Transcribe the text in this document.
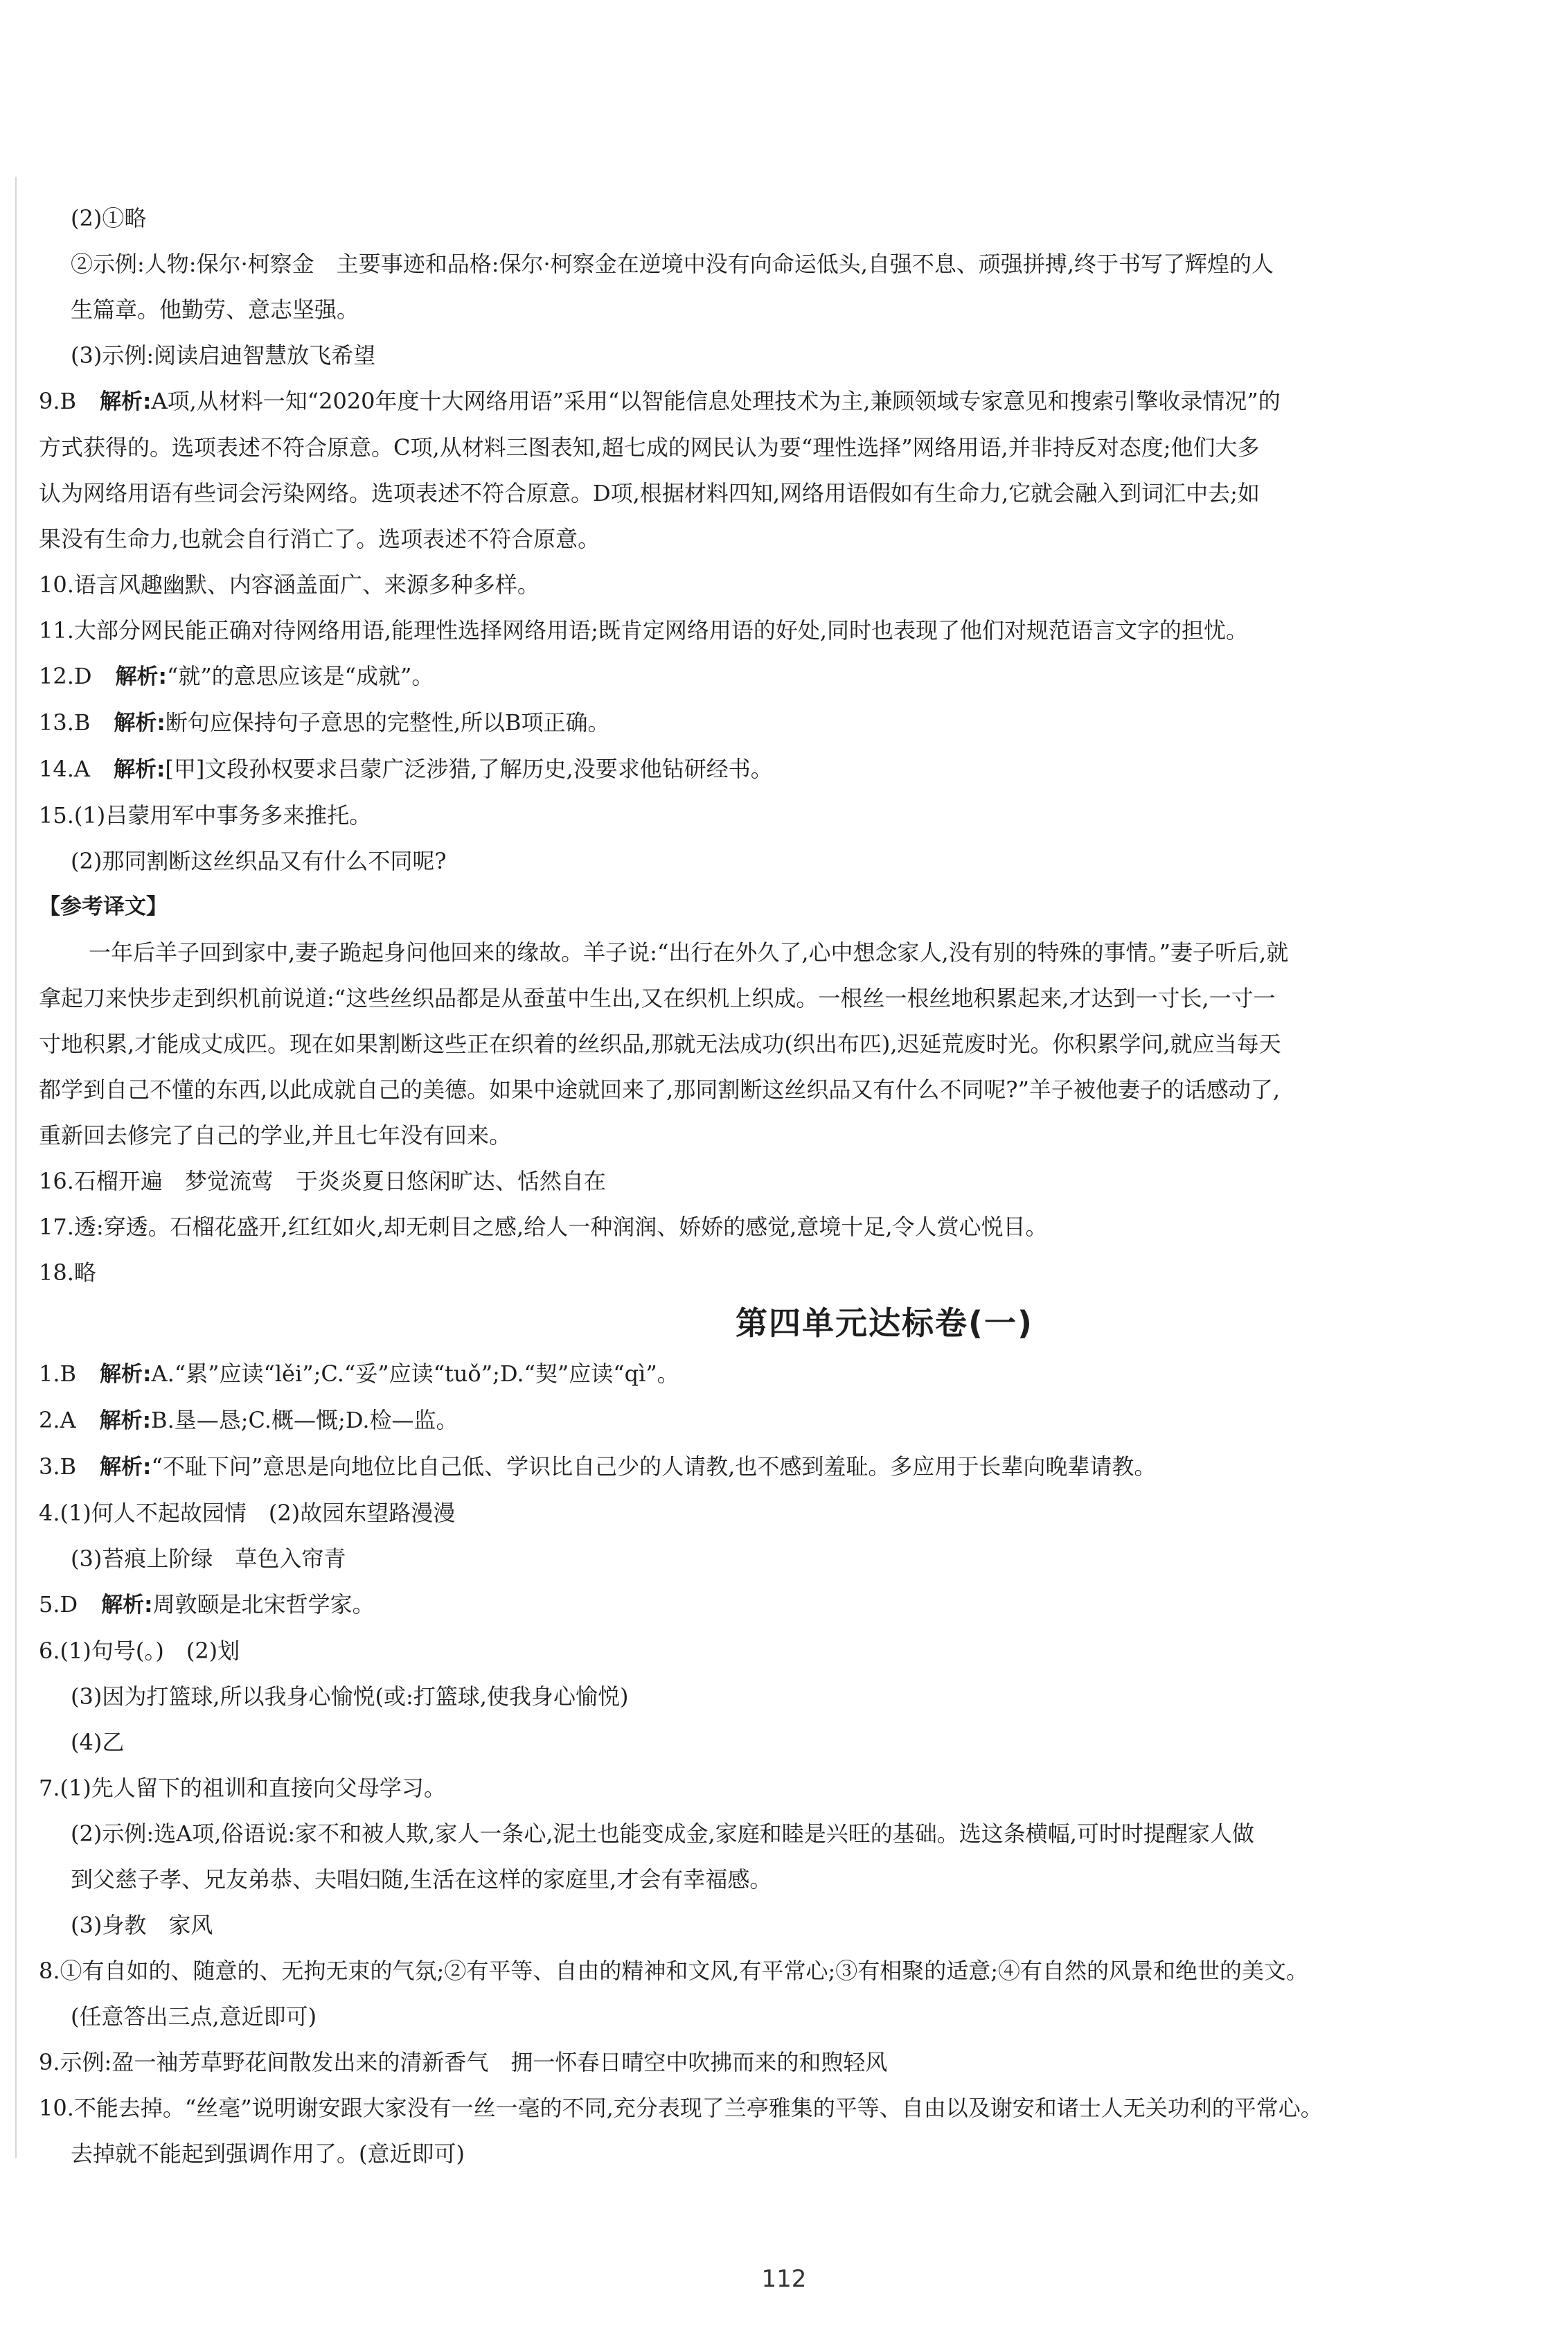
(2)①略
②示例:人物:保尔·柯察金　主要事迹和品格:保尔·柯察金在逆境中没有向命运低头,自强不息、顽强拼搏,终于书写了辉煌的人
生篇章。他勤劳、意志坚强。
(3)示例:阅读启迪智慧放飞希望
9.B 解析:A项,从材料一知“2020年度十大网络用语”采用“以智能信息处理技术为主,兼顾领域专家意见和搜索引擎收录情况”的
方式获得的。选项表述不符合原意。C项,从材料三图表知,超七成的网民认为要“理性选择”网络用语,并非持反对态度;他们大多
认为网络用语有些词会污染网络。选项表述不符合原意。D项,根据材料四知,网络用语假如有生命力,它就会融入到词汇中去;如
果没有生命力,也就会自行消亡了。选项表述不符合原意。
10.语言风趣幽默、内容涵盖面广、来源多种多样。
11.大部分网民能正确对待网络用语,能理性选择网络用语;既肯定网络用语的好处,同时也表现了他们对规范语言文字的担忧。
12.D 解析:“就”的意思应该是“成就”。
13.B 解析:断句应保持句子意思的完整性,所以B项正确。
14.A 解析:[甲]文段孙权要求吕蒙广泛涉猎,了解历史,没要求他钻研经书。
15.(1)吕蒙用军中事务多来推托。
(2)那同割断这丝织品又有什么不同呢?
【参考译文】
一年后羊子回到家中,妻子跪起身问他回来的缘故。羊子说:“出行在外久了,心中想念家人,没有别的特殊的事情。”妻子听后,就
拿起刀来快步走到织机前说道:“这些丝织品都是从蚕茧中生出,又在织机上织成。一根丝一根丝地积累起来,才达到一寸长,一寸一
寸地积累,才能成丈成匹。现在如果割断这些正在织着的丝织品,那就无法成功(织出布匹),迟延荒废时光。你积累学问,就应当每天
都学到自己不懂的东西,以此成就自己的美德。如果中途就回来了,那同割断这丝织品又有什么不同呢?”羊子被他妻子的话感动了,
重新回去修完了自己的学业,并且七年没有回来。
16.石榴开遍　梦觉流莺　于炎炎夏日悠闲旷达、恬然自在
17.透:穿透。石榴花盛开,红红如火,却无刺目之感,给人一种润润、娇娇的感觉,意境十足,令人赏心悦目。
18.略
第四单元达标卷(一)
1.B 解析:A.“累”应读“lěi”;C.“妥”应读“tuǒ”;D.“契”应读“qì”。
2.A 解析:B.垦—恳;C.概—慨;D.检—监。
3.B 解析:“不耻下问”意思是向地位比自己低、学识比自己少的人请教,也不感到羞耻。多应用于长辈向晚辈请教。
4.(1)何人不起故园情　(2)故园东望路漫漫
(3)苔痕上阶绿　草色入帘青
5.D 解析:周敦颐是北宋哲学家。
6.(1)句号(。)　(2)划
(3)因为打篮球,所以我身心愉悦(或:打篮球,使我身心愉悦)
(4)乙
7.(1)先人留下的祖训和直接向父母学习。
(2)示例:选A项,俗语说:家不和被人欺,家人一条心,泥土也能变成金,家庭和睦是兴旺的基础。选这条横幅,可时时提醒家人做
到父慈子孝、兄友弟恭、夫唱妇随,生活在这样的家庭里,才会有幸福感。
(3)身教　家风
8.①有自如的、随意的、无拘无束的气氛;②有平等、自由的精神和文风,有平常心;③有相聚的适意;④有自然的风景和绝世的美文。
(任意答出三点,意近即可)
9.示例:盈一袖芳草野花间散发出来的清新香气　拥一怀春日晴空中吹拂而来的和煦轻风
10.不能去掉。“丝毫”说明谢安跟大家没有一丝一毫的不同,充分表现了兰亭雅集的平等、自由以及谢安和诸士人无关功利的平常心。
去掉就不能起到强调作用了。(意近即可)
112
